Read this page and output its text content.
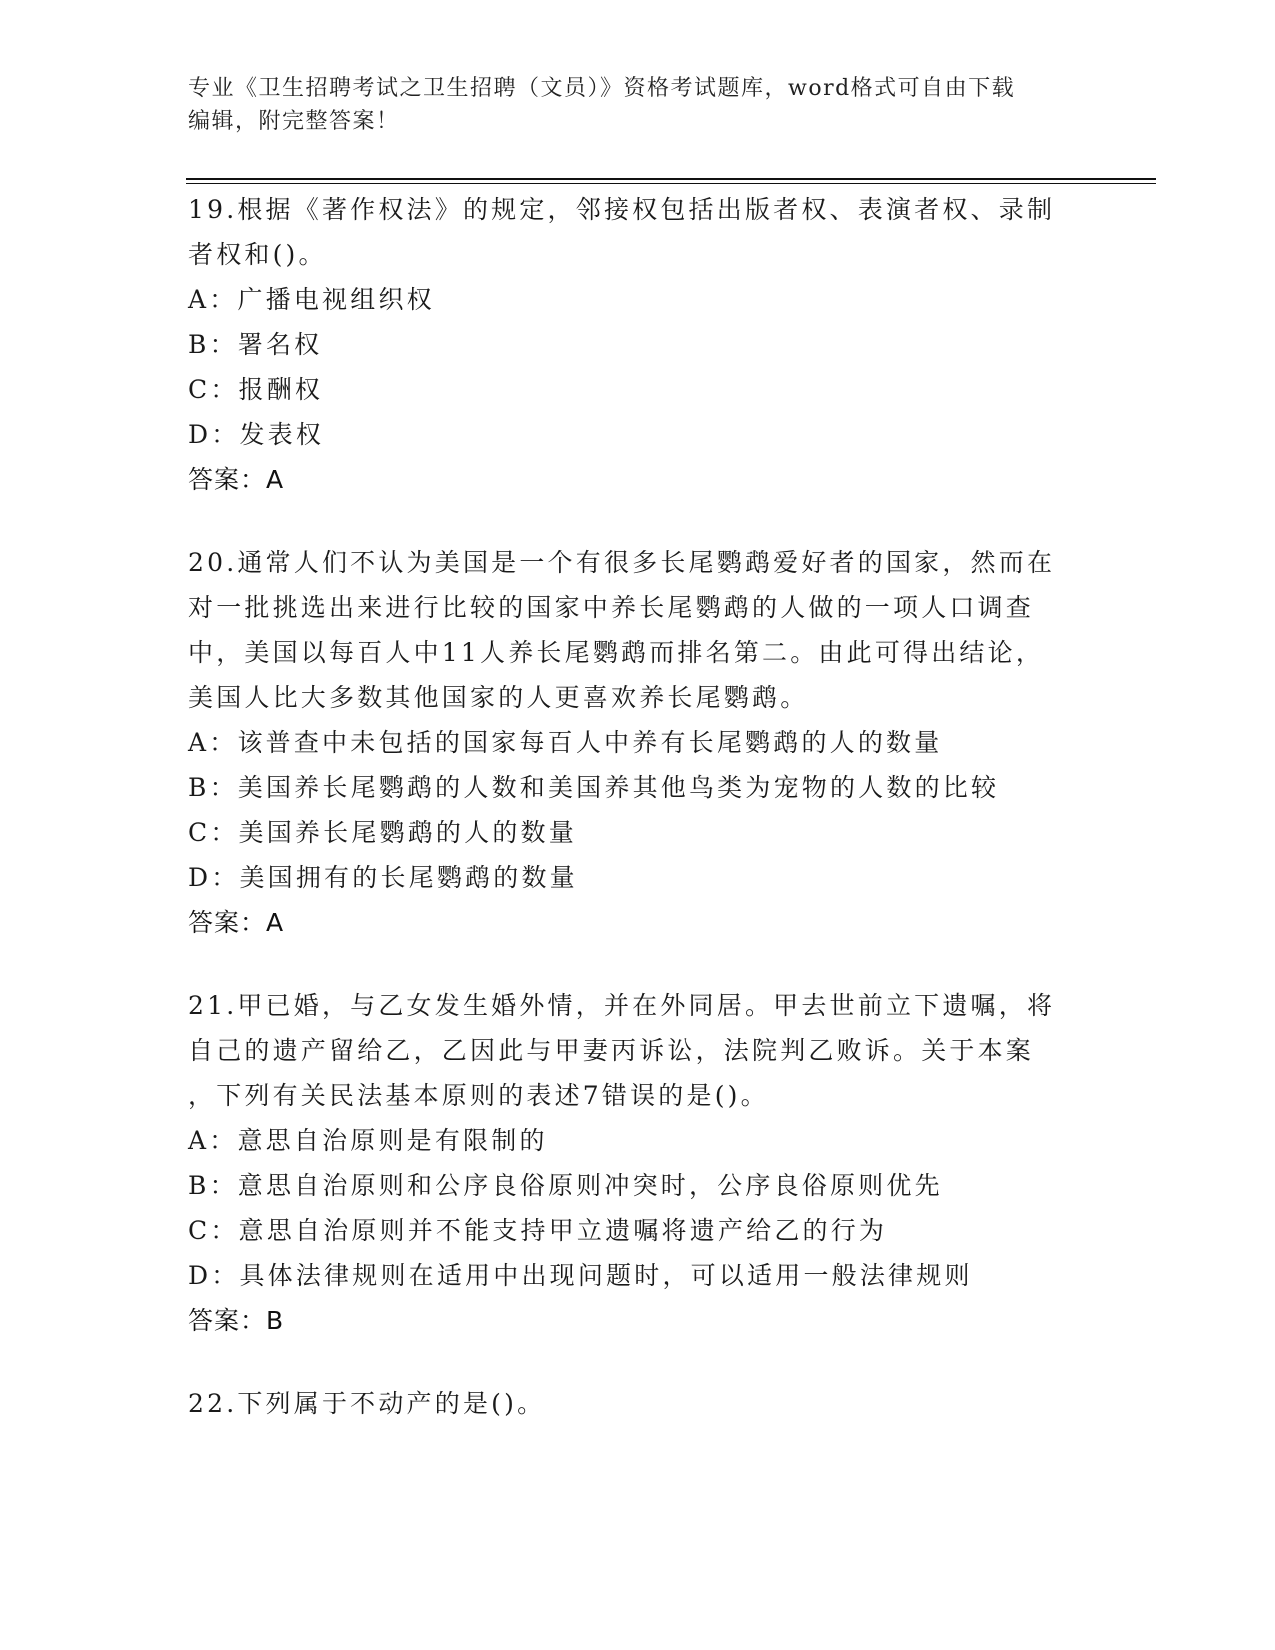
专业《卫生招聘考试之卫生招聘（文员）》资格考试题库，word格式可自由下载
编辑，附完整答案！

19.根据《著作权法》的规定，邻接权包括出版者权、表演者权、录制

者权和()。

A：广播电视组织权

B：署名权

C：报酬权

D：发表权

答案：A

20.通常人们不认为美国是一个有很多长尾鹦鹉爱好者的国家，然而在

对一批挑选出来进行比较的国家中养长尾鹦鹉的人做的一项人口调查

中，美国以每百人中11人养长尾鹦鹉而排名第二。由此可得出结论，

美国人比大多数其他国家的人更喜欢养长尾鹦鹉。

A：该普查中未包括的国家每百人中养有长尾鹦鹉的人的数量

B：美国养长尾鹦鹉的人数和美国养其他鸟类为宠物的人数的比较

C：美国养长尾鹦鹉的人的数量

D：美国拥有的长尾鹦鹉的数量

答案：A

21.甲已婚，与乙女发生婚外情，并在外同居。甲去世前立下遗嘱，将

自己的遗产留给乙，乙因此与甲妻丙诉讼，法院判乙败诉。关于本案

，下列有关民法基本原则的表述7错误的是()。

A：意思自治原则是有限制的

B：意思自治原则和公序良俗原则冲突时，公序良俗原则优先

C：意思自治原则并不能支持甲立遗嘱将遗产给乙的行为

D：具体法律规则在适用中出现问题时，可以适用一般法律规则

答案：B

22.下列属于不动产的是()。
